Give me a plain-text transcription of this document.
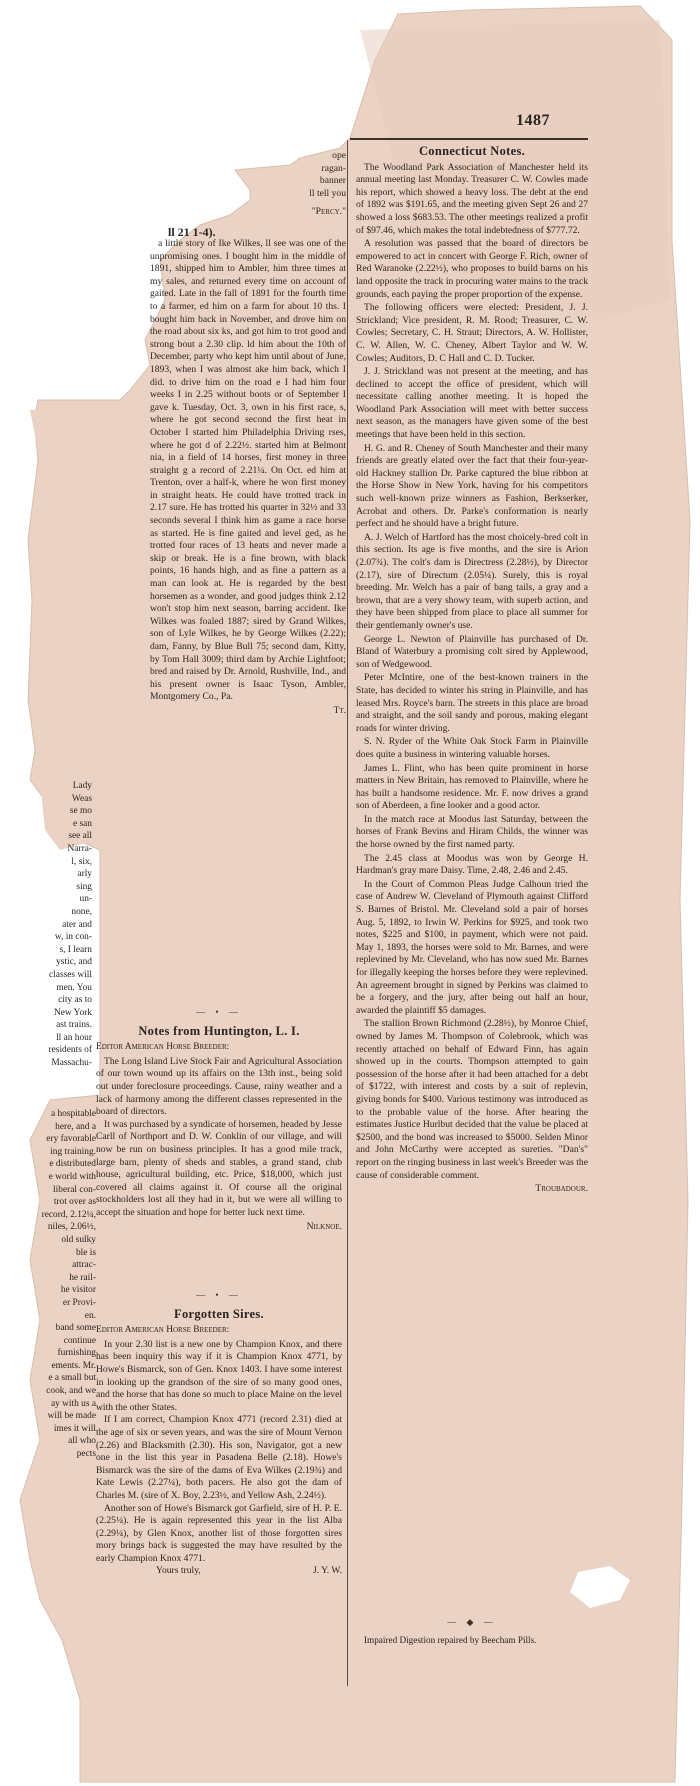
1487
ope
ragan-
banner
ll tell you
"Percy."
ll 21 1-4).

a little story of Ike Wilkes, ll see was one of the unpromising ones. I bought him in the middle of 1891, shipped him to Ambler, him three times at my sales, and returned every time on account of gaited. Late in the fall of 1891 for the fourth time to a farmer, ed him on a farm for about 10 ths. I bought him back in November, and drove him on the road about six ks, and got him to trot good and strong bout a 2.30 clip. ld him about the 10th of December, party who kept him until about of June, 1893, when I was almost ake him back, which I did. to drive him on the road e I had him four weeks I in 2.25 without boots or of September I gave k. Tuesday, Oct. 3, own in his first race, s, where he got second second the first heat in October I started him Philadelphia Driving rses, where he got d of 2.22½. started him at Belmont nia, in a field of 14 horses, first money in three straight g a record of 2.21¼. On Oct. ed him at Trenton, over a half-k, where he won first money in straight heats. He could have trotted track in 2.17 sure. He has trotted his quarter in 32½ and 33 seconds several I think him as game a race horse as started. He is fine gaited and level ged, as he trotted four races of 13 heats and never made a skip or break. He is a fine brown, with black points, 16 hands high, and as fine a pattern as a man can look at. He is regarded by the best horsemen as a wonder, and good judges think 2.12 won't stop him next season, barring accident. Ike Wilkes was foaled 1887; sired by Grand Wilkes, son of Lyle Wilkes, he by George Wilkes (2.22); dam, Fanny, by Blue Bull 75; second dam, Kitty, by Tom Hall 3009; third dam by Archie Lightfoot; bred and raised by Dr. Arnold, Rushville, Ind., and his present owner is Isaac Tyson, Ambler, Montgomery Co., Pa.

Tt.
Lady
Weas
se mo
e san
see all
Narra-
l, six,
arly
sing
un-
none,
ater and
w, in con-
s, I learn
ystic, and
classes will
men. You
city as to
New York
ast trains.
ll an hour
residents of
Massachu-
a hospitable
here, and a
ery favorable
ing training.
e distributed
e world with
liberal con-
trot over as
record, 2.12¼,
niles, 2.06½,
old sulky
ble is
attrac-
he rail-
he visitor
er Provi-
en.
band some
continue
furnishing
ements. Mr.
e a small but
cook, and we
ay with us a
will be made
imes it will
all who
pects
— • —
Notes from Huntington, L. I.
Editor American Horse Breeder:

The Long Island Live Stock Fair and Agricultural Association of our town wound up its affairs on the 13th inst., being sold out under foreclosure proceedings. Cause, rainy weather and a lack of harmony among the different classes represented in the board of directors.

It was purchased by a syndicate of horsemen, headed by Jesse Carll of Northport and D. W. Conklin of our village, and will now be run on business principles. It has a good mile track, large barn, plenty of sheds and stables, a grand stand, club house, agricultural building, etc. Price, $18,000, which just covered all claims against it. Of course all the original stockholders lost all they had in it, but we were all willing to accept the situation and hope for better luck next time.

Nilknoe.
— • —
Forgotten Sires.
Editor American Horse Breeder:

In your 2.30 list is a new one by Champion Knox, and there has been inquiry this way if it is Champion Knox 4771, by Howe's Bismarck, son of Gen. Knox 1403. I have some interest in looking up the grandson of the sire of so many good ones, and the horse that has done so much to place Maine on the level with the other States.

If I am correct, Champion Knox 4771 (record 2.31) died at the age of six or seven years, and was the sire of Mount Vernon (2.26) and Blacksmith (2.30). His son, Navigator, got a new one in the list this year in Pasadena Belle (2.18). Howe's Bismarck was the sire of the dams of Eva Wilkes (2.19¾) and Kate Lewis (2.27¼), both pacers. He also got the dam of Charles M. (sire of X. Boy, 2.23½, and Yellow Ash, 2.24½).

Another son of Howe's Bismarck got Garfield, sire of H. P. E. (2.25¼). He is again represented this year in the list Alba (2.29¼), by Glen Knox, another list of those forgotten sires mory brings back is suggested the may have resulted by the early Champion Knox 4771.

Yours truly,	J. Y. W.
Connecticut Notes.

The Woodland Park Association of Manchester held its annual meeting last Monday. Treasurer C. W. Cowles made his report, which showed a heavy loss. The debt at the end of 1892 was $191.65, and the meeting given Sept 26 and 27 showed a loss $683.53. The other meetings realized a profit of $97.46, which makes the total indebtedness of $777.72.

A resolution was passed that the board of directors be empowered to act in concert with George F. Rich, owner of Red Waranoke (2.22½), who proposes to build barns on his land opposite the track in procuring water mains to the track grounds, each paying the proper proportion of the expense.

The following officers were elected: President, J. J. Strickland; Vice president, R. M. Rood; Treasurer, C. W. Cowles; Secretary, C. H. Straut; Directors, A. W. Hollister, C. W. Allen, W. C. Cheney, Albert Taylor and W. W. Cowles; Auditors, D. C Hall and C. D. Tucker.

J. J. Strickland was not present at the meeting, and has declined to accept the office of president, which will necessitate calling another meeting. It is hoped the Woodland Park Association will meet with better success next season, as the managers have given some of the best meetings that have been held in this section.

H. G. and R. Cheney of South Manchester and their many friends are greatly elated over the fact that their four-year-old Hackney stallion Dr. Parke captured the blue ribbon at the Horse Show in New York, having for his competitors such well-known prize winners as Fashion, Berkserker, Acrobat and others. Dr. Parke's conformation is nearly perfect and he should have a bright future.

A. J. Welch of Hartford has the most choicely-bred colt in this section. Its age is five months, and the sire is Arion (2.07¾). The colt's dam is Directress (2.28½), by Director (2.17), sire of Directum (2.05¼). Surely, this is royal breeding. Mr. Welch has a pair of bang tails, a gray and a brown, that are a very showy team, with superb action, and they have been shipped from place to place all summer for their gentlemanly owner's use.

George L. Newton of Plainville has purchased of Dr. Bland of Waterbury a promising colt sired by Applewood, son of Wedgewood.

Peter McIntire, one of the best-known trainers in the State, has decided to winter his string in Plainville, and has leased Mrs. Royce's barn. The streets in this place are broad and straight, and the soil sandy and porous, making elegant roads for winter driving.

S. N. Ryder of the White Oak Stock Farm in Plainville does quite a business in wintering valuable horses.

James L. Flint, who has been quite prominent in horse matters in New Britain, has removed to Plainville, where he has built a handsome residence. Mr. F. now drives a grand son of Aberdeen, a fine looker and a good actor.

In the match race at Moodus last Saturday, between the horses of Frank Bevins and Hiram Childs, the winner was the horse owned by the first named party.

The 2.45 class at Moodus was won by George H. Hardman's gray mare Daisy. Time, 2.48, 2.46 and 2.45.

In the Court of Common Pleas Judge Calhoun tried the case of Andrew W. Cleveland of Plymouth against Clifford S. Barnes of Bristol. Mr. Cleveland sold a pair of horses Aug. 5, 1892, to Irwin W. Perkins for $925, and took two notes, $225 and $100, in payment, which were not paid. May 1, 1893, the horses were sold to Mr. Barnes, and were replevined by Mr. Cleveland, who has now sued Mr. Barnes for illegally keeping the horses before they were replevined. An agreement brought in signed by Perkins was claimed to be a forgery, and the jury, after being out half an hour, awarded the plaintiff $5 damages.

The stallion Brown Richmond (2.28½), by Monroe Chief, owned by James M. Thompson of Colebrook, which was recently attached on behalf of Edward Finn, has again showed up in the courts. Thompson attempted to gain possession of the horse after it had been attached for a debt of $1722, with interest and costs by a suit of replevin, giving bonds for $400. Various testimony was introduced as to the probable value of the horse. After hearing the estimates Justice Hurlbut decided that the value be placed at $2500, and the bond was increased to $5000. Selden Minor and John McCarthy were accepted as sureties. "Dan's" report on the ringing business in last week's Breeder was the cause of considerable comment.

Troubadour.
— ◆ —
Impaired Digestion repaired by Beecham Pills.
